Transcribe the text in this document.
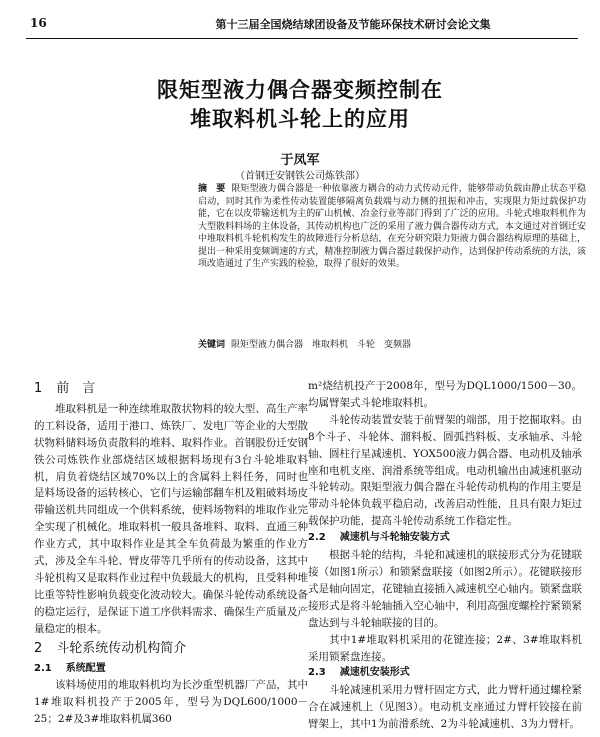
16	第十三届全国烧结球团设备及节能环保技术研讨会论文集
限矩型液力偶合器变频控制在
堆取料机斗轮上的应用
于凤军
（首钢迁安钢铁公司炼铁部）
摘　要 限矩型液力偶合器是一种依靠液力耦合的动力式传动元件，能够带动负载由静止状态平稳启动，同时其作为柔性传动装置能够隔离负载端与动力侧的扭振和冲击，实现限力矩过载保护功能，它在以皮带输送机为主的矿山机械、冶金行业等部门得到了广泛的应用。斗轮式堆取料机作为大型散料料场的主体设备，其传动机构也广泛的采用了液力偶合器传动方式，本文通过对首钢迁安中堆取料机斗轮机构发生的故障进行分析总结，在充分研究限力矩液力偶合器结构原理的基础上，提出一种采用变频调速的方式，精准控制液力偶合器过载保护动作，达到保护传动系统的方法，该项改造通过了生产实践的检验，取得了很好的效果。
关键词 限矩型液力偶合器　堆取料机　斗轮　变频器
1 前　言

堆取料机是一种连续堆取散状物料的较大型、高生产率的工料设备，适用于港口、炼铁厂、发电厂等企业的大型散状物料储料场负责散料的堆料、取料作业。首钢股份迁安钢铁公司炼铁作业部烧结区域根据料场现有3台斗轮堆取料机，肩负着烧结区域70%以上的含属料上料任务，同时也是料场设备的运转核心，它们与运输部翻车机及粗破料场皮带输送机共同组成一个供料系统，使料场物料的堆取作业完全实现了机械化。堆取料机一般具备堆料、取料、直通三种作业方式，其中取料作业是其全车负荷最为繁重的作业方式，涉及全车斗轮、臂皮带等几乎所有的传动设备，这其中斗轮机构又是取料作业过程中负载最大的机构，且受料种堆比重等特性影响负载变化波动较大。确保斗轮传动系统设备的稳定运行，是保证下道工序供料需求、确保生产质量及产量稳定的根本。

2 斗轮系统传动机构简介
2.1 系统配置

该料场使用的堆取料机均为长沙重型机器厂产品，其中1#堆取料机投产于2005年，型号为DQL600/1000－25；2#及3#堆取料机属360

m²烧结机投产于2008年，型号为DQL1000/1500－30。均属臂架式斗轮堆取料机。

斗轮传动装置安装于前臂架的端部，用于挖掘取料。由8个斗子、斗轮体、溜料板、圆弧挡料板、支承轴承、斗轮轴、圆柱行星减速机、YOX500液力偶合器、电动机及轴承座和电机支座、润滑系统等组成。电动机输出由减速机驱动斗轮转动。限矩型液力偶合器在斗轮传动机构的作用主要是带动斗轮体负载平稳启动，改善启动性能，且具有限力矩过载保护功能，提高斗轮传动系统工作稳定性。

2.2 减速机与斗轮轴安装方式

根据斗轮的结构，斗轮和减速机的联接形式分为花键联接（如图1所示）和锁紧盘联接（如图2所示）。花键联接形式是轴向固定，花键轴直接插入减速机空心轴内。锁紧盘联接形式是将斗轮轴插入空心轴中，利用高强度螺栓拧紧锁紧盘达到与斗轮轴联接的目的。

其中1#堆取料机采用的花键连接；2#、3#堆取料机采用锁紧盘连接。

2.3 减速机安装形式

斗轮减速机采用力臂杆固定方式，此力臂杆通过螺栓紧合在减速机上（见图3）。电动机支座通过力臂杆铰接在前臂架上，其中1为前滑系统、2为斗轮减速机、3为力臂杆。
